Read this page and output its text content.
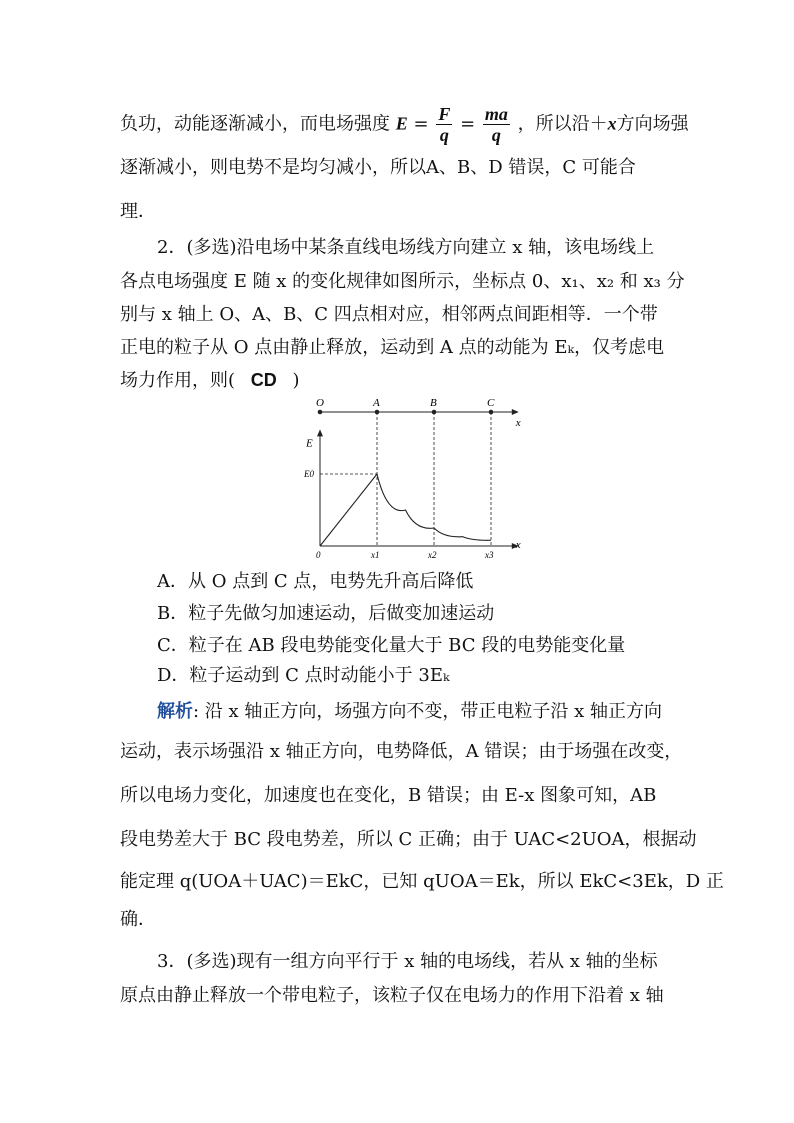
负功，动能逐渐减小，而电场强度 $E = \frac{F}{q} = \frac{ma}{q}$ ，所以沿＋x方向场强
逐渐减小，则电势不是均匀减小，所以A、B、D 错误，C 可能合
理．
2．(多选)沿电场中某条直线电场线方向建立 x 轴，该电场线上
各点电场强度 E 随 x 的变化规律如图所示，坐标点 0、x₁、x₂ 和 x₃ 分
别与 x 轴上 O、A、B、C 四点相对应，相邻两点间距相等．一个带
正电的粒子从 O 点由静止释放，运动到 A 点的动能为 Eₖ，仅考虑电
场力作用，则( CD )
x
x
E
O	A	B	C
0	x1	x2	x3
E0
A．从 O 点到 C 点，电势先升高后降低
B．粒子先做匀加速运动，后做变加速运动
C．粒子在 AB 段电势能变化量大于 BC 段的电势能变化量
D．粒子运动到 C 点时动能小于 3Eₖ
解析: 沿 x 轴正方向，场强方向不变，带正电粒子沿 x 轴正方向
运动，表示场强沿 x 轴正方向，电势降低，A 错误；由于场强在改变，
所以电场力变化，加速度也在变化，B 错误；由 E-x 图象可知，AB
段电势差大于 BC 段电势差，所以 C 正确；由于 UAC<2UOA，根据动
能定理 q(UOA＋UAC)＝EkC，已知 qUOA＝Ek，所以 EkC<3Ek，D 正
确．
3．(多选)现有一组方向平行于 x 轴的电场线，若从 x 轴的坐标
原点由静止释放一个带电粒子，该粒子仅在电场力的作用下沿着 x 轴
